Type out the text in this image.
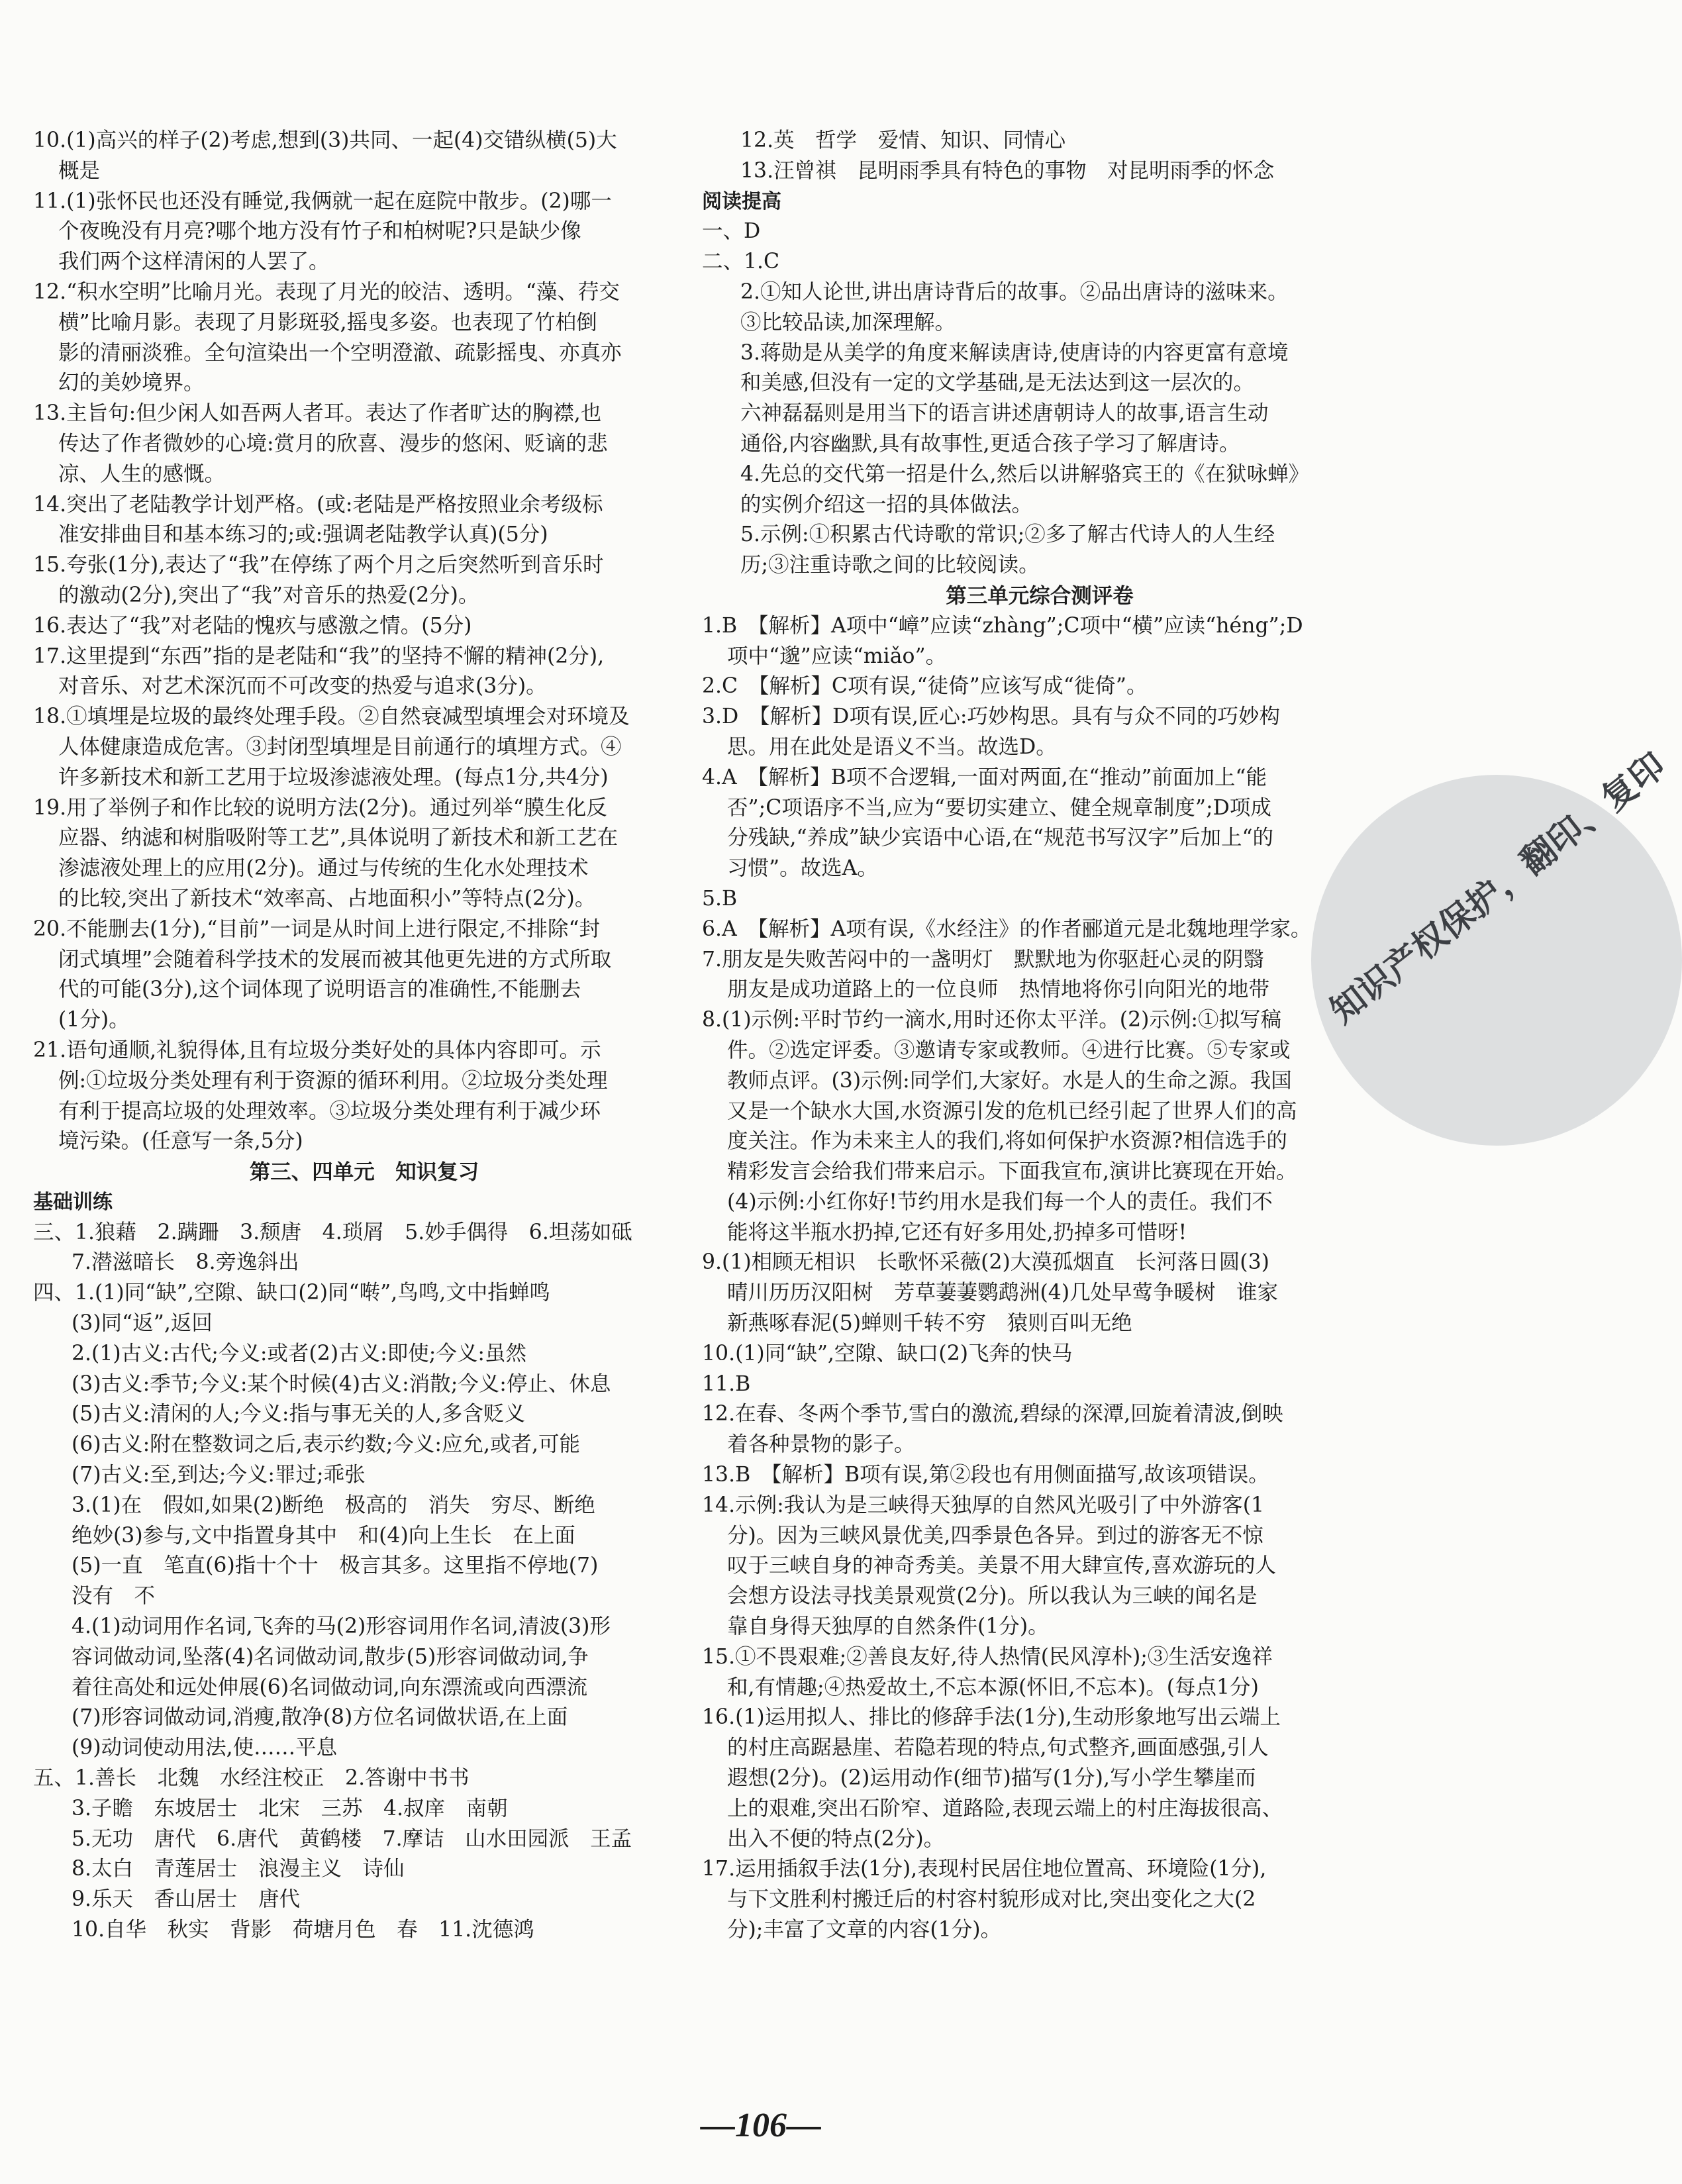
知识产权保护，翻印、复印
10.(1)高兴的样子(2)考虑,想到(3)共同、一起(4)交错纵横(5)大
概是
11.(1)张怀民也还没有睡觉,我俩就一起在庭院中散步。(2)哪一
个夜晚没有月亮?哪个地方没有竹子和柏树呢?只是缺少像
我们两个这样清闲的人罢了。
12.“积水空明”比喻月光。表现了月光的皎洁、透明。“藻、荇交
横”比喻月影。表现了月影斑驳,摇曳多姿。也表现了竹柏倒
影的清丽淡雅。全句渲染出一个空明澄澈、疏影摇曳、亦真亦
幻的美妙境界。
13.主旨句:但少闲人如吾两人者耳。表达了作者旷达的胸襟,也
传达了作者微妙的心境:赏月的欣喜、漫步的悠闲、贬谪的悲
凉、人生的感慨。
14.突出了老陆教学计划严格。(或:老陆是严格按照业余考级标
准安排曲目和基本练习的;或:强调老陆教学认真)(5分)
15.夸张(1分),表达了“我”在停练了两个月之后突然听到音乐时
的激动(2分),突出了“我”对音乐的热爱(2分)。
16.表达了“我”对老陆的愧疚与感激之情。(5分)
17.这里提到“东西”指的是老陆和“我”的坚持不懈的精神(2分),
对音乐、对艺术深沉而不可改变的热爱与追求(3分)。
18.①填埋是垃圾的最终处理手段。②自然衰减型填埋会对环境及
人体健康造成危害。③封闭型填埋是目前通行的填埋方式。④
许多新技术和新工艺用于垃圾渗滤液处理。(每点1分,共4分)
19.用了举例子和作比较的说明方法(2分)。通过列举“膜生化反
应器、纳滤和树脂吸附等工艺”,具体说明了新技术和新工艺在
渗滤液处理上的应用(2分)。通过与传统的生化水处理技术
的比较,突出了新技术“效率高、占地面积小”等特点(2分)。
20.不能删去(1分),“目前”一词是从时间上进行限定,不排除“封
闭式填埋”会随着科学技术的发展而被其他更先进的方式所取
代的可能(3分),这个词体现了说明语言的准确性,不能删去
(1分)。
21.语句通顺,礼貌得体,且有垃圾分类好处的具体内容即可。示
例:①垃圾分类处理有利于资源的循环利用。②垃圾分类处理
有利于提高垃圾的处理效率。③垃圾分类处理有利于减少环
境污染。(任意写一条,5分)
第三、四单元　知识复习
基础训练
三、1.狼藉　2.蹒跚　3.颓唐　4.琐屑　5.妙手偶得　6.坦荡如砥
7.潜滋暗长　8.旁逸斜出
四、1.(1)同“缺”,空隙、缺口(2)同“啭”,鸟鸣,文中指蝉鸣
(3)同“返”,返回
2.(1)古义:古代;今义:或者(2)古义:即使;今义:虽然
(3)古义:季节;今义:某个时候(4)古义:消散;今义:停止、休息
(5)古义:清闲的人;今义:指与事无关的人,多含贬义
(6)古义:附在整数词之后,表示约数;今义:应允,或者,可能
(7)古义:至,到达;今义:罪过;乖张
3.(1)在　假如,如果(2)断绝　极高的　消失　穷尽、断绝
绝妙(3)参与,文中指置身其中　和(4)向上生长　在上面
(5)一直　笔直(6)指十个十　极言其多。这里指不停地(7)
没有　不
4.(1)动词用作名词,飞奔的马(2)形容词用作名词,清波(3)形
容词做动词,坠落(4)名词做动词,散步(5)形容词做动词,争
着往高处和远处伸展(6)名词做动词,向东漂流或向西漂流
(7)形容词做动词,消瘦,散净(8)方位名词做状语,在上面
(9)动词使动用法,使……平息
五、1.善长　北魏　水经注校正　2.答谢中书书
3.子瞻　东坡居士　北宋　三苏　4.叔庠　南朝
5.无功　唐代　6.唐代　黄鹤楼　7.摩诘　山水田园派　王孟
8.太白　青莲居士　浪漫主义　诗仙
9.乐天　香山居士　唐代
10.自华　秋实　背影　荷塘月色　春　11.沈德鸿
12.英　哲学　爱情、知识、同情心
13.汪曾祺　昆明雨季具有特色的事物　对昆明雨季的怀念
阅读提高
一、D
二、1.C
2.①知人论世,讲出唐诗背后的故事。②品出唐诗的滋味来。
③比较品读,加深理解。
3.蒋勋是从美学的角度来解读唐诗,使唐诗的内容更富有意境
和美感,但没有一定的文学基础,是无法达到这一层次的。
六神磊磊则是用当下的语言讲述唐朝诗人的故事,语言生动
通俗,内容幽默,具有故事性,更适合孩子学习了解唐诗。
4.先总的交代第一招是什么,然后以讲解骆宾王的《在狱咏蝉》
的实例介绍这一招的具体做法。
5.示例:①积累古代诗歌的常识;②多了解古代诗人的人生经
历;③注重诗歌之间的比较阅读。
第三单元综合测评卷
1.B　【解析】A项中“嶂”应读“zhàng”;C项中“横”应读“héng”;D
项中“邈”应读“miǎo”。
2.C　【解析】C项有误,“徒倚”应该写成“徙倚”。
3.D　【解析】D项有误,匠心:巧妙构思。具有与众不同的巧妙构
思。用在此处是语义不当。故选D。
4.A　【解析】B项不合逻辑,一面对两面,在“推动”前面加上“能
否”;C项语序不当,应为“要切实建立、健全规章制度”;D项成
分残缺,“养成”缺少宾语中心语,在“规范书写汉字”后加上“的
习惯”。故选A。
5.B
6.A　【解析】A项有误,《水经注》的作者郦道元是北魏地理学家。
7.朋友是失败苦闷中的一盏明灯　默默地为你驱赶心灵的阴翳
朋友是成功道路上的一位良师　热情地将你引向阳光的地带
8.(1)示例:平时节约一滴水,用时还你太平洋。(2)示例:①拟写稿
件。②选定评委。③邀请专家或教师。④进行比赛。⑤专家或
教师点评。(3)示例:同学们,大家好。水是人的生命之源。我国
又是一个缺水大国,水资源引发的危机已经引起了世界人们的高
度关注。作为未来主人的我们,将如何保护水资源?相信选手的
精彩发言会给我们带来启示。下面我宣布,演讲比赛现在开始。
(4)示例:小红你好!节约用水是我们每一个人的责任。我们不
能将这半瓶水扔掉,它还有好多用处,扔掉多可惜呀!
9.(1)相顾无相识　长歌怀采薇(2)大漠孤烟直　长河落日圆(3)
晴川历历汉阳树　芳草萋萋鹦鹉洲(4)几处早莺争暖树　谁家
新燕啄春泥(5)蝉则千转不穷　猿则百叫无绝
10.(1)同“缺”,空隙、缺口(2)飞奔的快马
11.B
12.在春、冬两个季节,雪白的激流,碧绿的深潭,回旋着清波,倒映
着各种景物的影子。
13.B　【解析】B项有误,第②段也有用侧面描写,故该项错误。
14.示例:我认为是三峡得天独厚的自然风光吸引了中外游客(1
分)。因为三峡风景优美,四季景色各异。到过的游客无不惊
叹于三峡自身的神奇秀美。美景不用大肆宣传,喜欢游玩的人
会想方设法寻找美景观赏(2分)。所以我认为三峡的闻名是
靠自身得天独厚的自然条件(1分)。
15.①不畏艰难;②善良友好,待人热情(民风淳朴);③生活安逸祥
和,有情趣;④热爱故土,不忘本源(怀旧,不忘本)。(每点1分)
16.(1)运用拟人、排比的修辞手法(1分),生动形象地写出云端上
的村庄高踞悬崖、若隐若现的特点,句式整齐,画面感强,引人
遐想(2分)。(2)运用动作(细节)描写(1分),写小学生攀崖而
上的艰难,突出石阶窄、道路险,表现云端上的村庄海拔很高、
出入不便的特点(2分)。
17.运用插叙手法(1分),表现村民居住地位置高、环境险(1分),
与下文胜利村搬迁后的村容村貌形成对比,突出变化之大(2
分);丰富了文章的内容(1分)。
—106—
